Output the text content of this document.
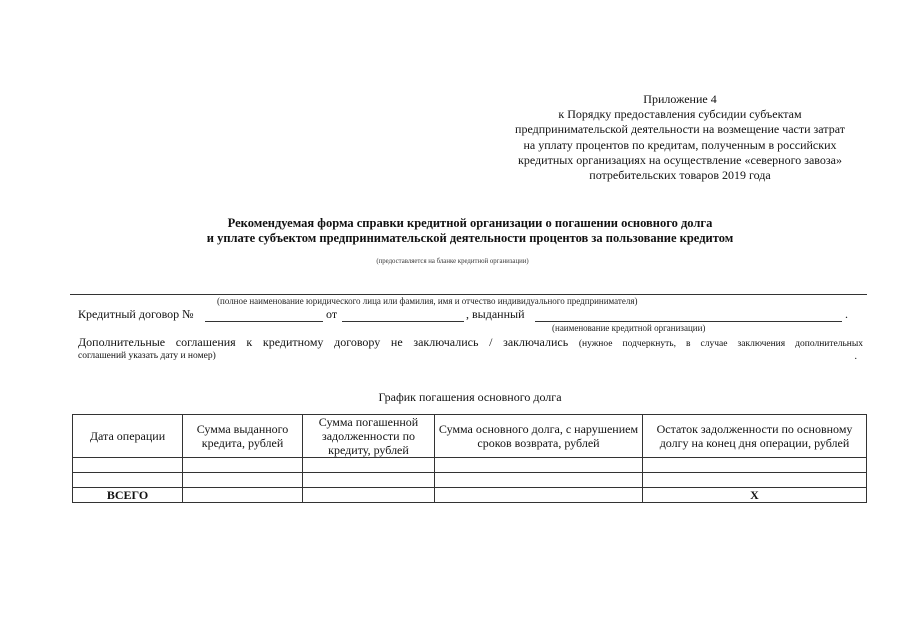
Приложение 4
к Порядку предоставления субсидии субъектам
предпринимательской деятельности на возмещение части затрат
на уплату процентов по кредитам, полученным в российских
кредитных организациях на осуществление «северного завоза»
потребительских товаров 2019 года
Рекомендуемая форма справки кредитной организации о погашении основного долга
и уплате субъектом предпринимательской деятельности процентов за пользование кредитом
(предоставляется на бланке кредитной организации)
(полное наименование юридического лица или фамилия, имя и отчество индивидуального предпринимателя)
Кредитный договор №	от	, выданный	.
(наименование кредитной организации)
Дополнительные соглашения к кредитному договору не заключались / заключались (нужное подчеркнуть, в случае заключения дополнительных
соглашений указать дату и номер)	.
График погашения основного долга
Дата операции	Сумма выданного кредита, рублей	Сумма погашенной задолженности по кредиту, рублей	Сумма основного долга, с нарушением сроков возврата, рублей	Остаток задолженности по основному долгу на конец дня операции, рублей

ВСЕГО				Х
